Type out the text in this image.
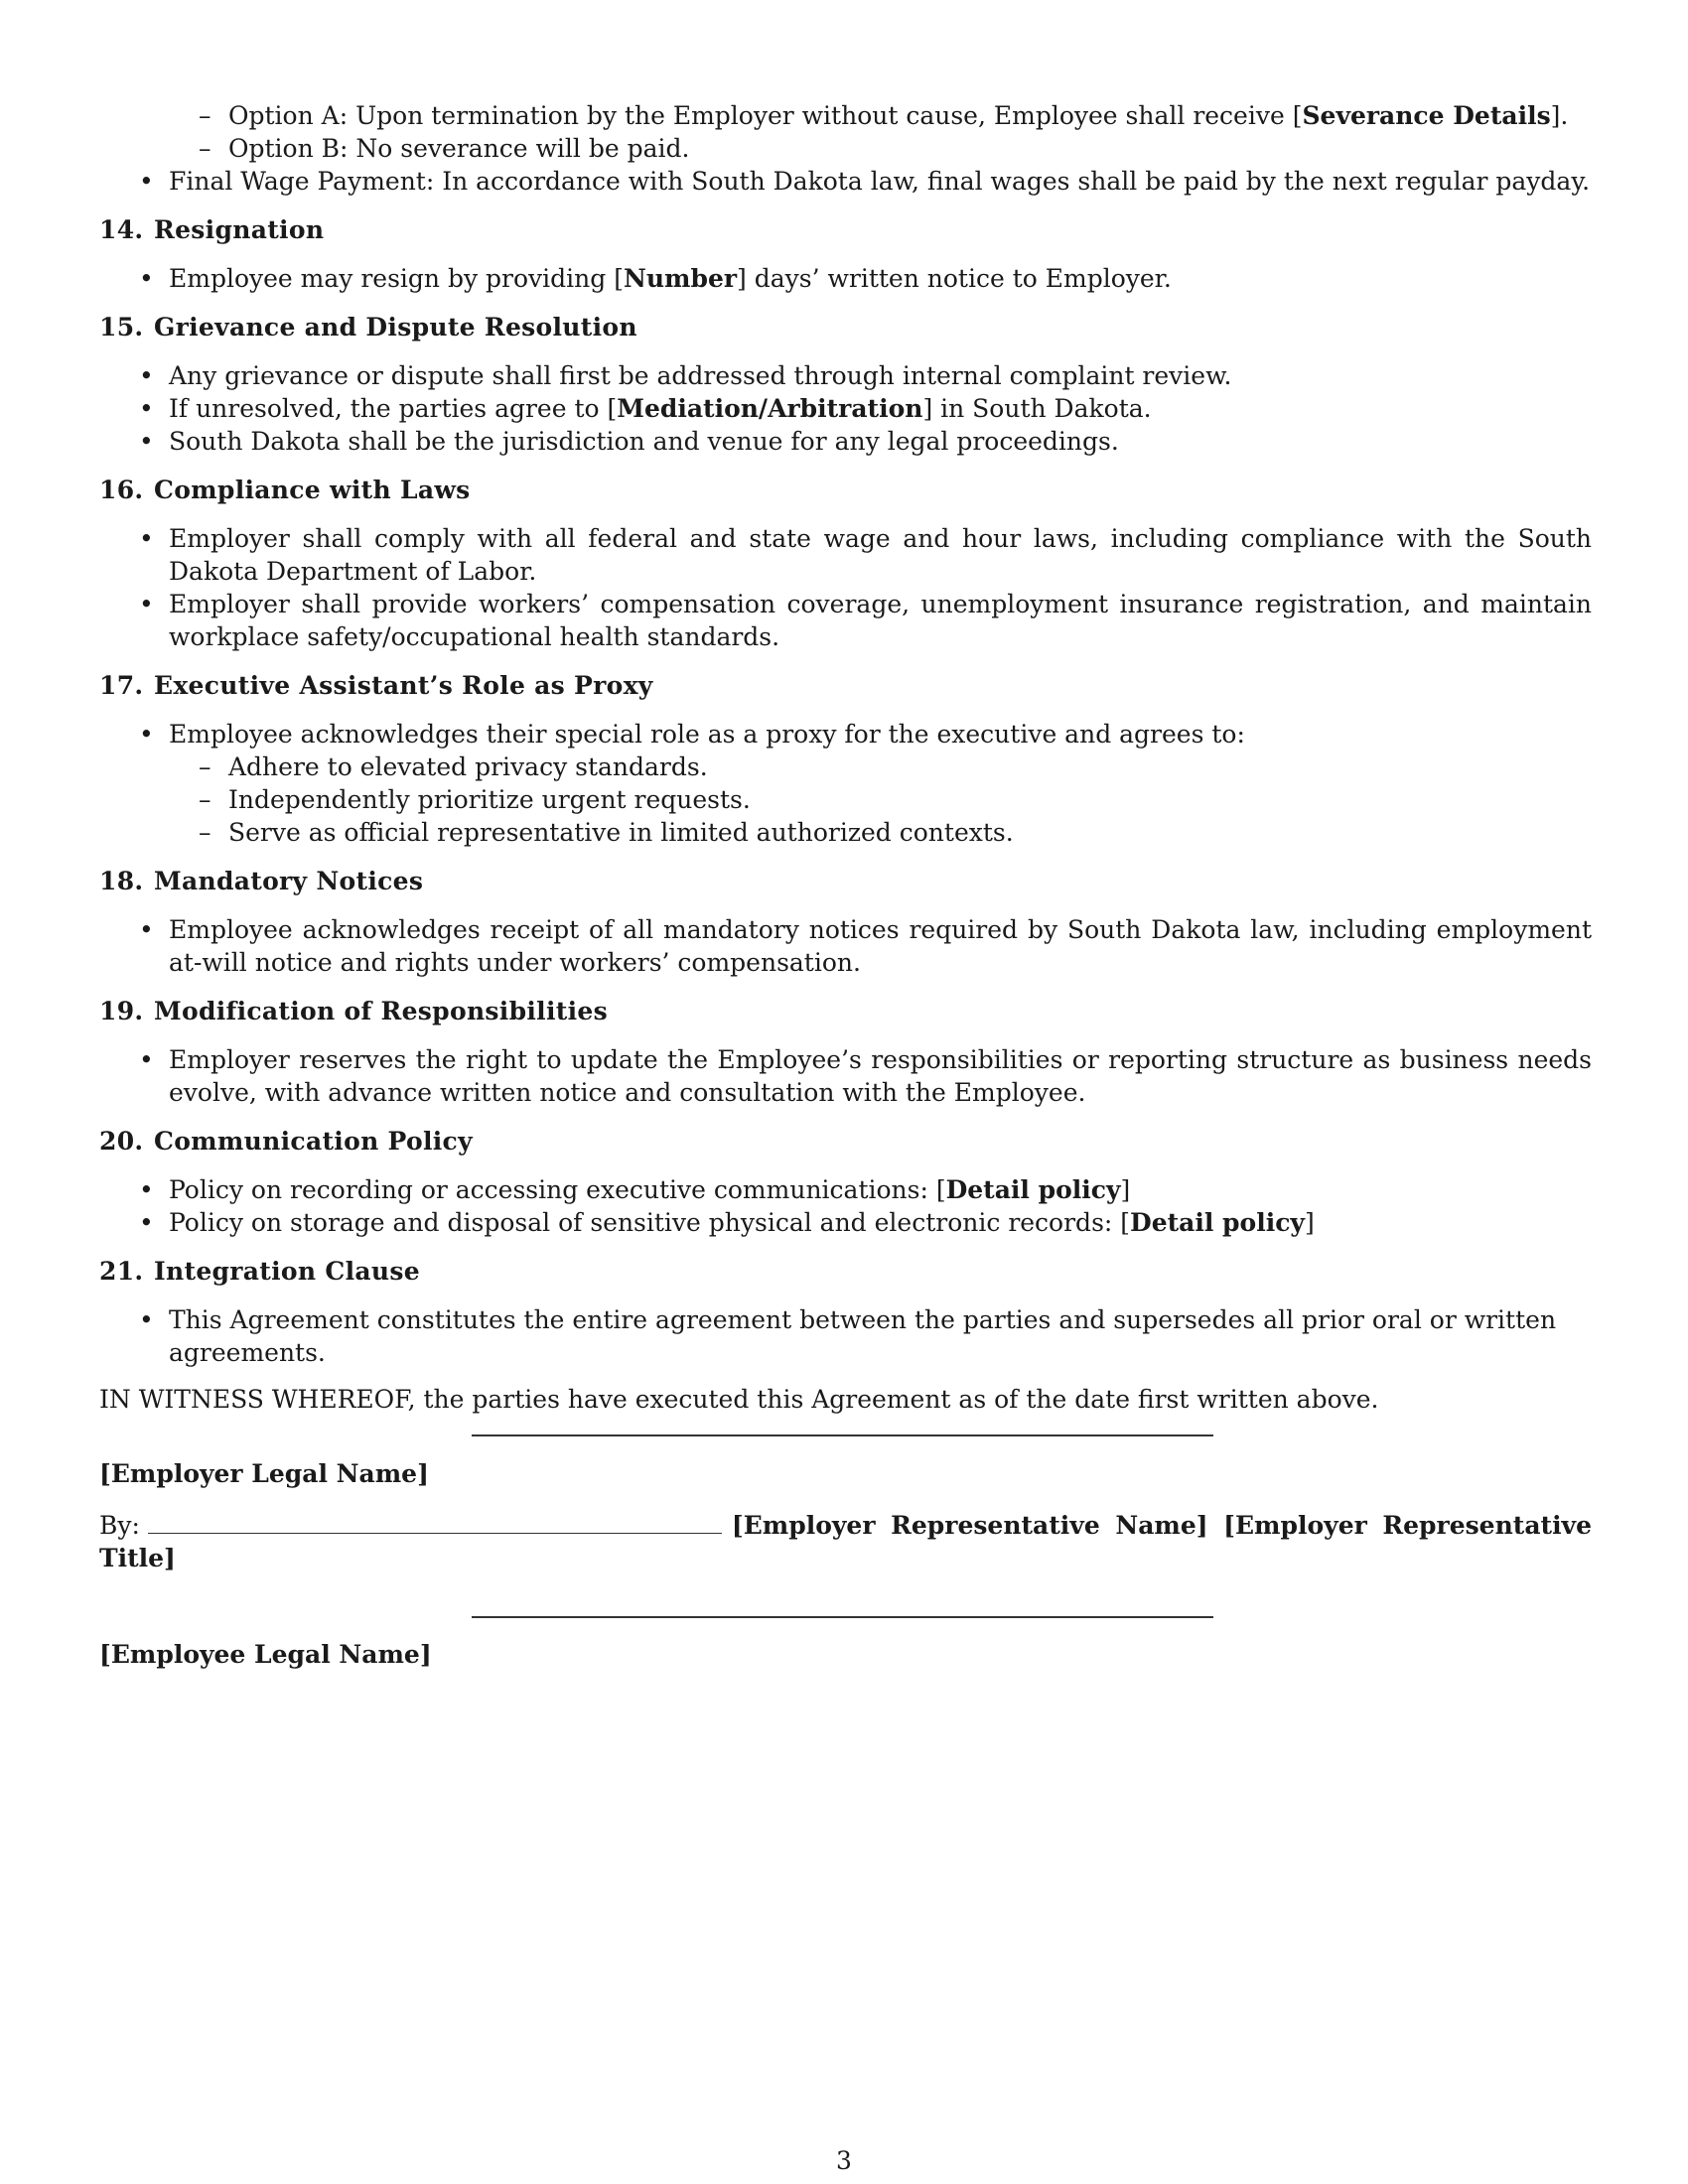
– Option A: Upon termination by the Employer without cause, Employee shall receive [Severance Details].
– Option B: No severance will be paid.
• Final Wage Payment: In accordance with South Dakota law, final wages shall be paid by the next regular payday.
14. Resignation
• Employee may resign by providing [Number] days’ written notice to Employer.
15. Grievance and Dispute Resolution
• Any grievance or dispute shall first be addressed through internal complaint review.
• If unresolved, the parties agree to [Mediation/Arbitration] in South Dakota.
• South Dakota shall be the jurisdiction and venue for any legal proceedings.
16. Compliance with Laws
• Employer shall comply with all federal and state wage and hour laws, including compliance with the South Dakota Department of Labor.
• Employer shall provide workers’ compensation coverage, unemployment insurance registration, and maintain workplace safety/occupational health standards.
17. Executive Assistant’s Role as Proxy
• Employee acknowledges their special role as a proxy for the executive and agrees to:
– Adhere to elevated privacy standards.
– Independently prioritize urgent requests.
– Serve as official representative in limited authorized contexts.
18. Mandatory Notices
• Employee acknowledges receipt of all mandatory notices required by South Dakota law, including employment at-will notice and rights under workers’ compensation.
19. Modification of Responsibilities
• Employer reserves the right to update the Employee’s responsibilities or reporting structure as business needs evolve, with advance written notice and consultation with the Employee.
20. Communication Policy
• Policy on recording or accessing executive communications: [Detail policy]
• Policy on storage and disposal of sensitive physical and electronic records: [Detail policy]
21. Integration Clause
• This Agreement constitutes the entire agreement between the parties and supersedes all prior oral or written agreements.
IN WITNESS WHEREOF, the parties have executed this Agreement as of the date first written above.
[Employer Legal Name]
By:	[Employer Representative Name] [Employer Representative Title]
[Employee Legal Name]
3
